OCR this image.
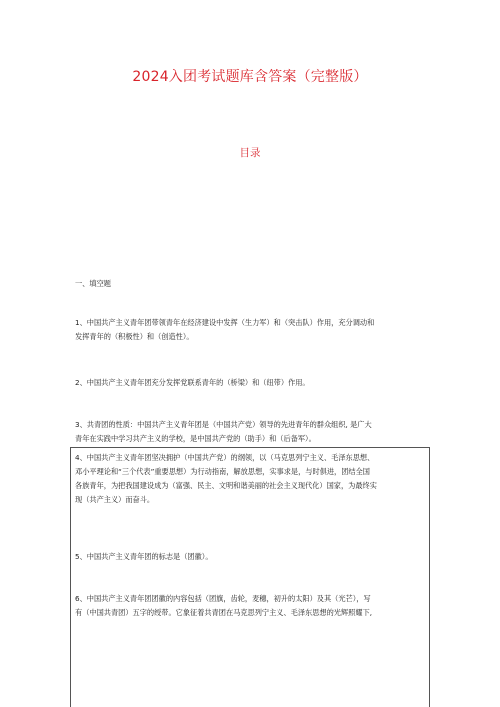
2024入团考试题库含答案（完整版）
目录
一、填空题
1、中国共产主义青年团带领青年在经济建设中发挥（生力军）和（突击队）作用，充分调动和
发挥青年的（积极性）和（创造性）。
2、中国共产主义青年团充分发挥党联系青年的（桥梁）和（纽带）作用。
3、共青团的性质：中国共产主义青年团是（中国共产党）领导的先进青年的群众组织, 是广大
青年在实践中学习共产主义的学校，是中国共产党的（助手）和（后备军）。
4、中国共产主义青年团坚决拥护（中国共产党）的纲领，以（马克思列宁主义、毛泽东思想、
邓小平理论和“三个代表”重要思想）为行动指南，解放思想，实事求是，与时俱进，团结全国
各族青年，为把我国建设成为（富强、民主、文明和谐美丽的社会主义现代化）国家，为最终实
现（共产主义）而奋斗。
5、中国共产主义青年团的标志是（团徽）。
6、中国共产主义青年团团徽的内容包括（团旗，齿轮，麦穗，初升的太阳）及其（光芒），写
有（中国共青团）五字的绶带。它象征着共青团在马克思列宁主义、毛泽东思想的光辉照耀下,
